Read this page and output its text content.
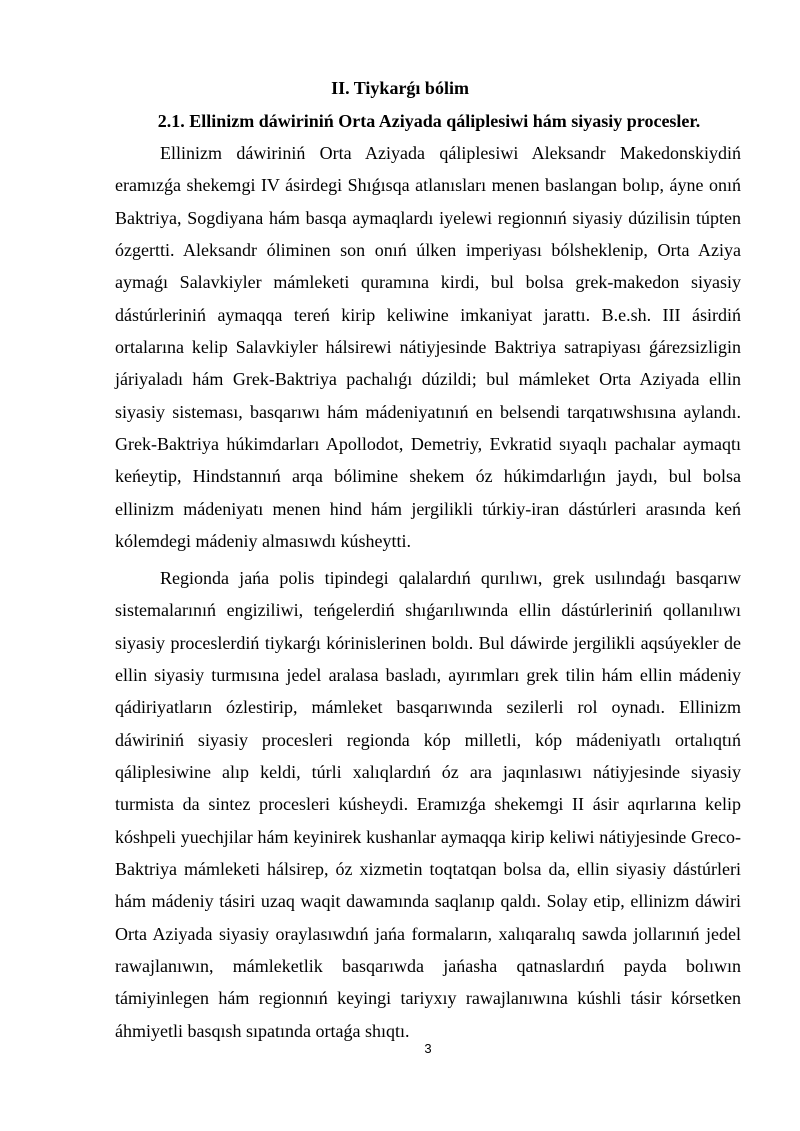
II. Tiykarǵı bólim
2.1. Ellinizm dáwiriniń Orta Aziyada qáliplesiwi hám siyasiy procesler.

Ellinizm dáwiriniń Orta Aziyada qáliplesiwi Aleksandr Makedonskiydiń eramızǵa shekemgi IV ásirdegi Shıǵısqa atlanısları menen baslangan bolıp, áyne onıń Baktriya, Sogdiyana hám basqa aymaqlardı iyelewi regionnıń siyasiy dúzilisin túpten ózgertti. Aleksandr óliminen son onıń úlken imperiyası bólsheklenip, Orta Aziya aymaǵı Salavkiyler mámleketi quramına kirdi, bul bolsa grek-makedon siyasiy dástúrleriniń aymaqqa tereń kirip keliwine imkaniyat jarattı. B.e.sh. III ásirdiń ortalarına kelip Salavkiyler hálsirewi nátiyjesinde Baktriya satrapiyası ǵárezsizligin járiyaladı hám Grek-Baktriya pachalıǵı dúzildi; bul mámleket Orta Aziyada ellin siyasiy sisteması, basqarıwı hám mádeniyatınıń en belsendi tarqatıwshısına aylandı. Grek-Baktriya húkimdarları Apollodot, Demetriy, Evkratid sıyaqlı pachalar aymaqtı keńeytip, Hindstannıń arqa bólimine shekem óz húkimdarlıǵın jaydı, bul bolsa ellinizm mádeniyatı menen hind hám jergilikli túrkiy-iran dástúrleri arasında keń kólemdegi mádeniy almasıwdı kúsheytti.

Regionda jańa polis tipindegi qalalardıń qurılıwı, grek usılındaǵı basqarıw sistemalarınıń engiziliwi, teńgelerdiń shıǵarılıwında ellin dástúrleriniń qollanılıwı siyasiy proceslerdiń tiykarǵı kórinislerinen boldı. Bul dáwirde jergilikli aqsúyekler de ellin siyasiy turmısına jedel aralasa basladı, ayırımları grek tilin hám ellin mádeniy qádiriyatların ózlestirip, mámleket basqarıwında sezilerli rol oynadı. Ellinizm dáwiriniń siyasiy procesleri regionda kóp milletli, kóp mádeniyatlı ortalıqtıń qáliplesiwine alıp keldi, túrli xalıqlardıń óz ara jaqınlasıwı nátiyjesinde siyasiy turmista da sintez procesleri kúsheydi. Eramızǵa shekemgi II ásir aqırlarına kelip kóshpeli yuechjilar hám keyinirek kushanlar aymaqqa kirip keliwi nátiyjesinde Greco-Baktriya mámleketi hálsirep, óz xizmetin toqtatqan bolsa da, ellin siyasiy dástúrleri hám mádeniy tásiri uzaq waqit dawamında saqlanıp qaldı. Solay etip, ellinizm dáwiri Orta Aziyada siyasiy oraylasıwdıń jańa formaların, xalıqaralıq sawda jollarınıń jedel rawajlanıwın, mámleketlik basqarıwda jańasha qatnaslardıń payda bolıwın támiyinlegen hám regionnıń keyingi tariyxıy rawajlanıwına kúshli tásir kórsetken áhmiyetli basqısh sıpatında ortaǵa shıqtı.

3
